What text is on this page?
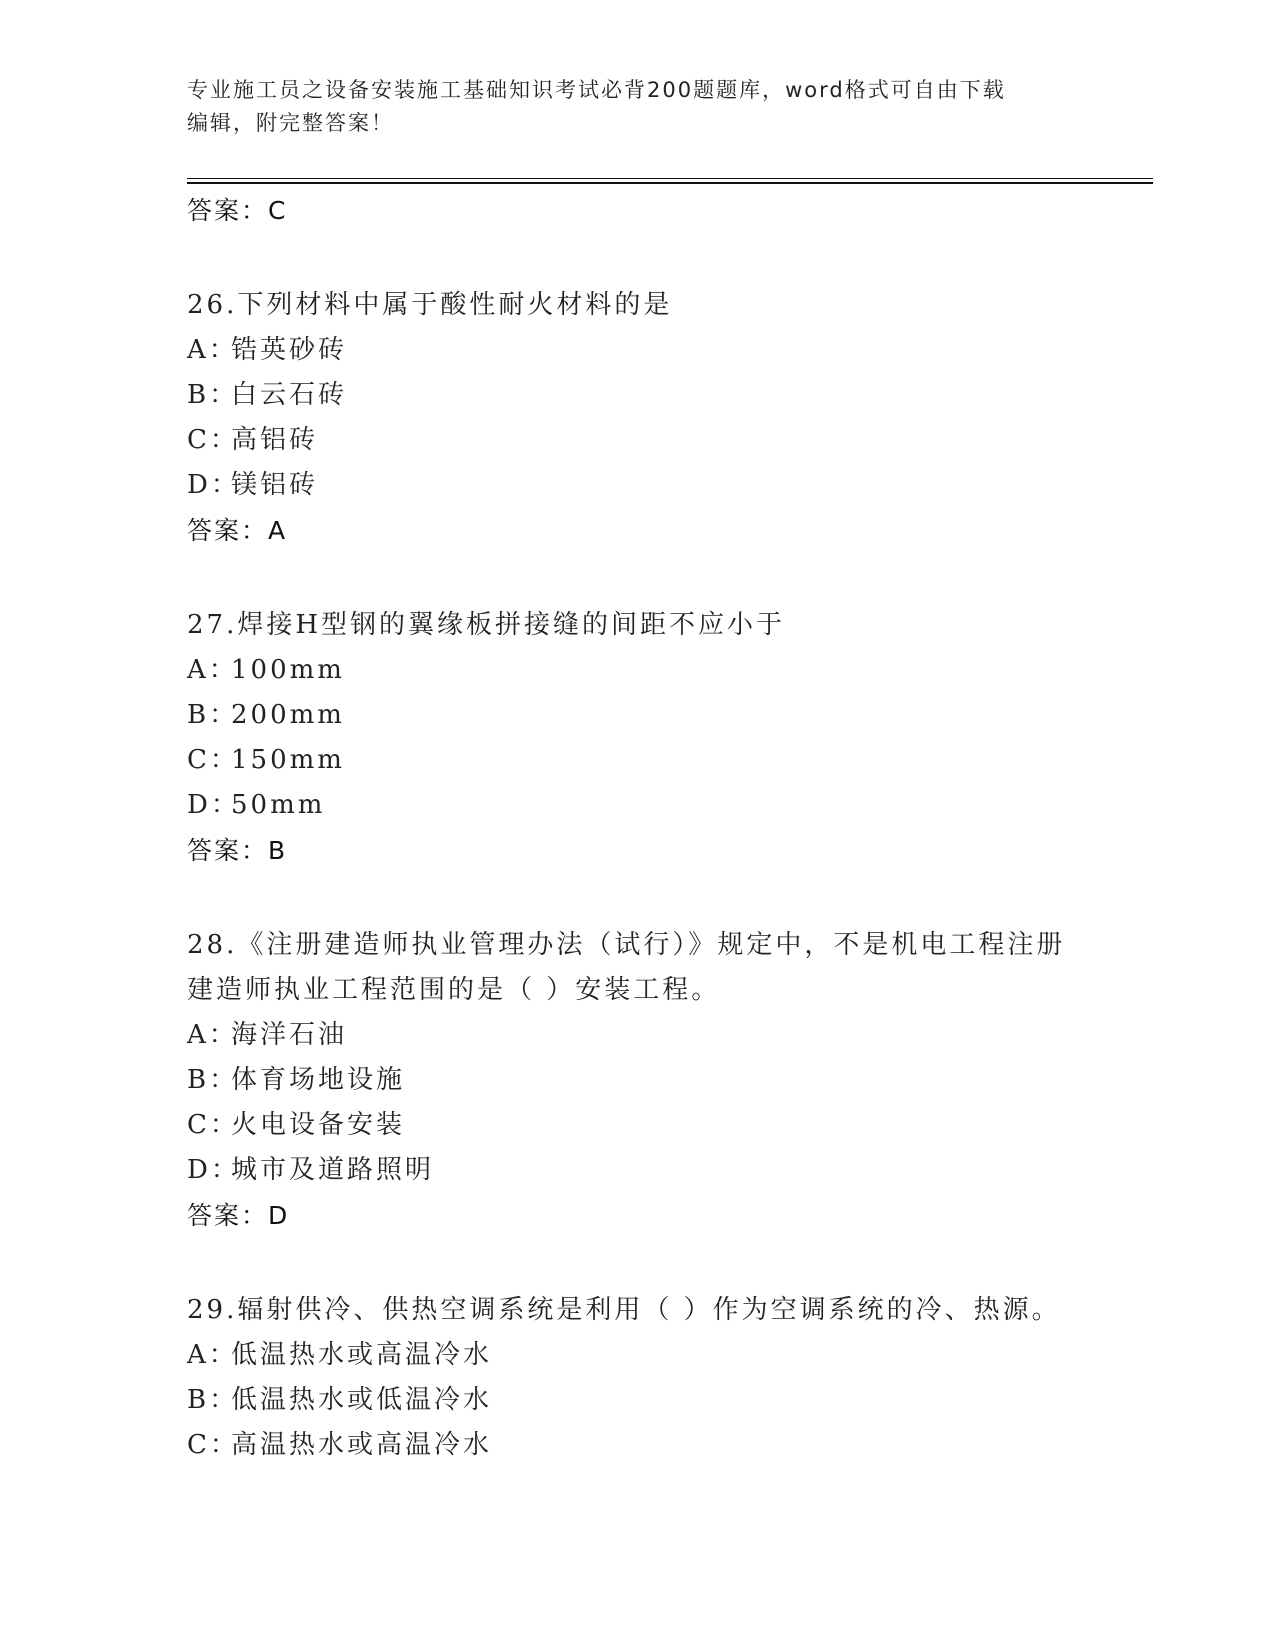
专业施工员之设备安装施工基础知识考试必背200题题库，word格式可自由下载
编辑，附完整答案！
答案：C
26.下列材料中属于酸性耐火材料的是
A：
锆英砂砖
B：
白云石砖
C：
高铝砖
D：
镁铝砖
答案：A
27.焊接H型钢的翼缘板拼接缝的间距不应小于
A：
100mm
B：
200mm
C：
150mm
D：
50mm
答案：B
28.《注册建造师执业管理办法（试行）》规定中，不是机电工程注册
建造师执业工程范围的是（ ）安装工程。
A：
海洋石油
B：
体育场地设施
C：
火电设备安装
D：
城市及道路照明
答案：D
29.辐射供冷、供热空调系统是利用（ ）作为空调系统的冷、热源。
A：
低温热水或高温冷水
B：
低温热水或低温冷水
C：
高温热水或高温冷水
